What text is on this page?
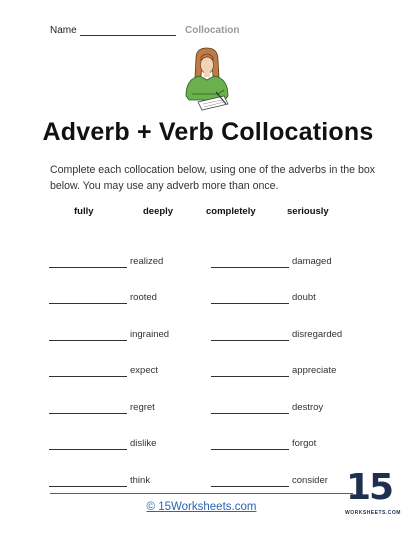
Name	Collocation
Adverb + Verb Collocations
Complete each collocation below, using one of the adverbs in the box below. You may use any adverb more than once.
fully	deeply	completely	seriously
realized
rooted
ingrained
expect
regret
dislike
think
damaged
doubt
disregarded
appreciate
destroy
forgot
consider
© 15Worksheets.com	15
WORKSHEETS.COM
